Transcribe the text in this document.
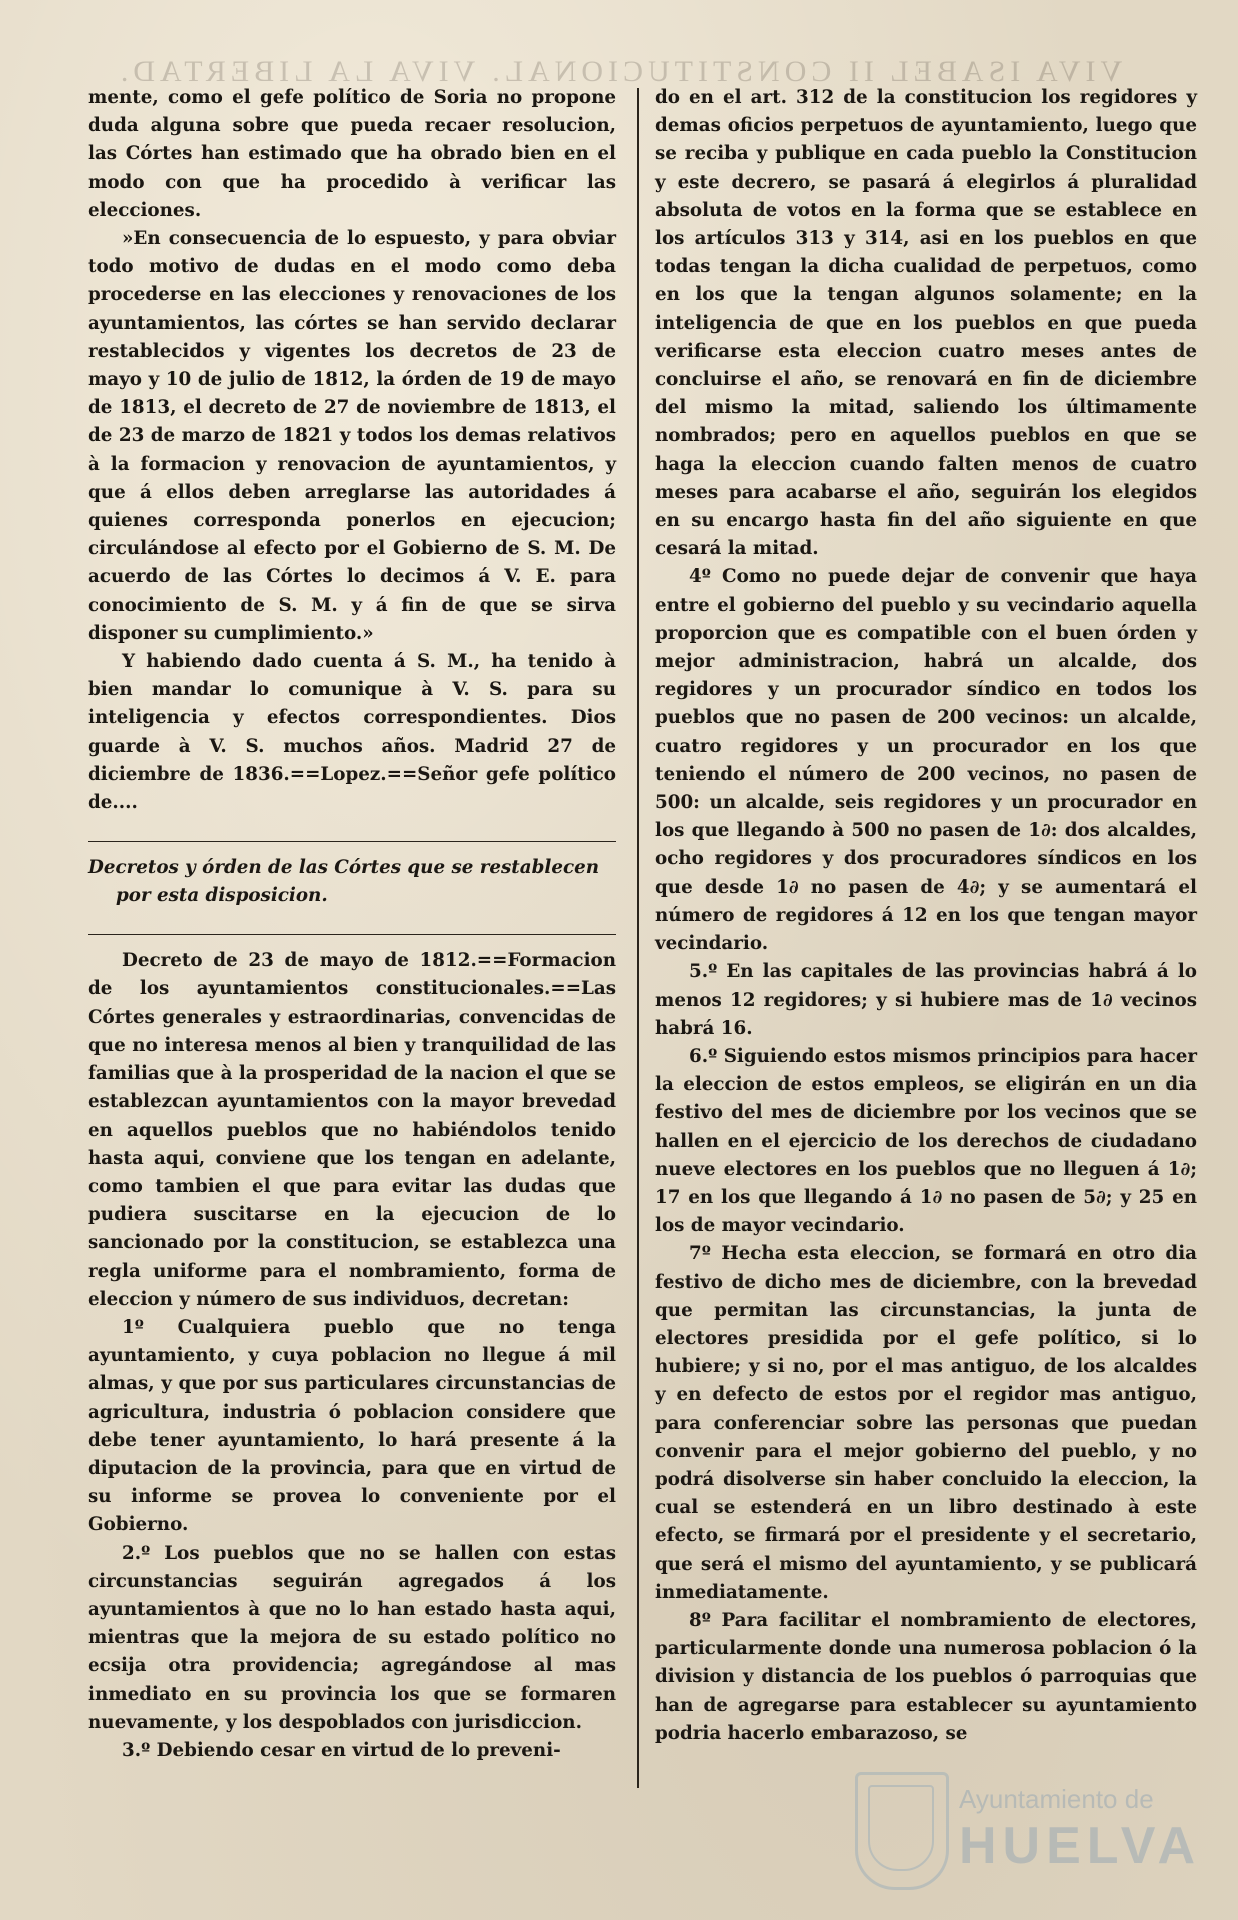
VIVA ISABEL II CONSTITUCIONAL. VIVA LA LIBERTAD.

mente, como el gefe político de Soria no propone duda alguna sobre que pueda recaer resolucion, las Córtes han estimado que ha obrado bien en el modo con que ha procedido à verificar las elecciones.

»En consecuencia de lo espuesto, y para obviar todo motivo de dudas en el modo como deba procederse en las elecciones y renovaciones de los ayuntamientos, las córtes se han servido declarar restablecidos y vigentes los decretos de 23 de mayo y 10 de julio de 1812, la órden de 19 de mayo de 1813, el decreto de 27 de noviembre de 1813, el de 23 de marzo de 1821 y todos los demas relativos à la formacion y renovacion de ayuntamientos, y que á ellos deben arreglarse las autoridades á quienes corresponda ponerlos en ejecucion; circulándose al efecto por el Gobierno de S. M. De acuerdo de las Córtes lo decimos á V. E. para conocimiento de S. M. y á fin de que se sirva disponer su cumplimiento.»

Y habiendo dado cuenta á S. M., ha tenido à bien mandar lo comunique à V. S. para su inteligencia y efectos correspondientes. Dios guarde à V. S. muchos años. Madrid 27 de diciembre de 1836.==Lopez.==Señor gefe político de....

Decretos y órden de las Córtes que se restablecen
por esta disposicion.

Decreto de 23 de mayo de 1812.==Formacion de los ayuntamientos constitucionales.==Las Córtes generales y estraordinarias, convencidas de que no interesa menos al bien y tranquilidad de las familias que à la prosperidad de la nacion el que se establezcan ayuntamientos con la mayor brevedad en aquellos pueblos que no habiéndolos tenido hasta aqui, conviene que los tengan en adelante, como tambien el que para evitar las dudas que pudiera suscitarse en la ejecucion de lo sancionado por la constitucion, se establezca una regla uniforme para el nombramiento, forma de eleccion y número de sus individuos, decretan:

1º Cualquiera pueblo que no tenga ayuntamiento, y cuya poblacion no llegue á mil almas, y que por sus particulares circunstancias de agricultura, industria ó poblacion considere que debe tener ayuntamiento, lo hará presente á la diputacion de la provincia, para que en virtud de su informe se provea lo conveniente por el Gobierno.

2.º Los pueblos que no se hallen con estas circunstancias seguirán agregados á los ayuntamientos à que no lo han estado hasta aqui, mientras que la mejora de su estado político no ecsija otra providencia; agregándose al mas inmediato en su provincia los que se formaren nuevamente, y los despoblados con jurisdiccion.

3.º Debiendo cesar en virtud de lo preveni-

do en el art. 312 de la constitucion los regidores y demas oficios perpetuos de ayuntamiento, luego que se reciba y publique en cada pueblo la Constitucion y este decrero, se pasará á elegirlos á pluralidad absoluta de votos en la forma que se establece en los artículos 313 y 314, asi en los pueblos en que todas tengan la dicha cualidad de perpetuos, como en los que la tengan algunos solamente; en la inteligencia de que en los pueblos en que pueda verificarse esta eleccion cuatro meses antes de concluirse el año, se renovará en fin de diciembre del mismo la mitad, saliendo los últimamente nombrados; pero en aquellos pueblos en que se haga la eleccion cuando falten menos de cuatro meses para acabarse el año, seguirán los elegidos en su encargo hasta fin del año siguiente en que cesará la mitad.

4º Como no puede dejar de convenir que haya entre el gobierno del pueblo y su vecindario aquella proporcion que es compatible con el buen órden y mejor administracion, habrá un alcalde, dos regidores y un procurador síndico en todos los pueblos que no pasen de 200 vecinos: un alcalde, cuatro regidores y un procurador en los que teniendo el número de 200 vecinos, no pasen de 500: un alcalde, seis regidores y un procurador en los que llegando à 500 no pasen de 1∂: dos alcaldes, ocho regidores y dos procuradores síndicos en los que desde 1∂ no pasen de 4∂; y se aumentará el número de regidores á 12 en los que tengan mayor vecindario.

5.º En las capitales de las provincias habrá á lo menos 12 regidores; y si hubiere mas de 1∂ vecinos habrá 16.

6.º Siguiendo estos mismos principios para hacer la eleccion de estos empleos, se eligirán en un dia festivo del mes de diciembre por los vecinos que se hallen en el ejercicio de los derechos de ciudadano nueve electores en los pueblos que no lleguen á 1∂; 17 en los que llegando á 1∂ no pasen de 5∂; y 25 en los de mayor vecindario.

7º Hecha esta eleccion, se formará en otro dia festivo de dicho mes de diciembre, con la brevedad que permitan las circunstancias, la junta de electores presidida por el gefe político, si lo hubiere; y si no, por el mas antiguo, de los alcaldes y en defecto de estos por el regidor mas antiguo, para conferenciar sobre las personas que puedan convenir para el mejor gobierno del pueblo, y no podrá disolverse sin haber concluido la eleccion, la cual se estenderá en un libro destinado à este efecto, se firmará por el presidente y el secretario, que será el mismo del ayuntamiento, y se publicará inmediatamente.

8º Para facilitar el nombramiento de electores, particularmente donde una numerosa poblacion ó la division y distancia de los pueblos ó parroquias que han de agregarse para establecer su ayuntamiento podria hacerlo embarazoso, se

Ayuntamiento de
HUELVA
